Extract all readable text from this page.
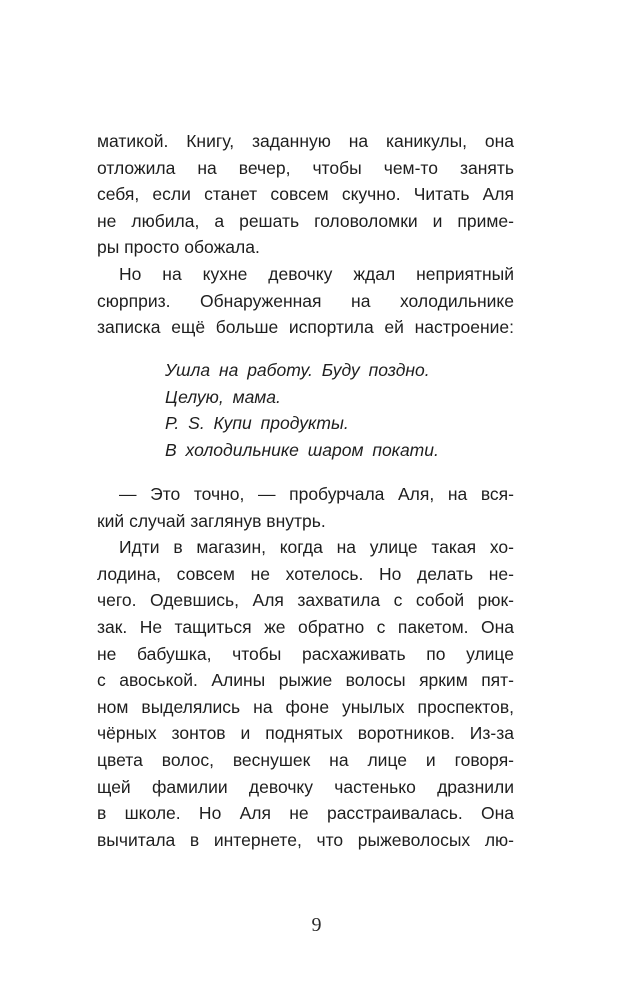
матикой. Книгу, заданную на каникулы, она
отложила на вечер, чтобы чем-то занять
себя, если станет совсем скучно. Читать Аля
не любила, а решать головоломки и приме-
ры просто обожала.
Но на кухне девочку ждал неприятный
сюрприз. Обнаруженная на холодильнике
записка ещё больше испортила ей настроение:
Ушла на работу. Буду поздно.
Целую, мама.
P. S. Купи продукты.
В холодильнике шаром покати.
— Это точно, — пробурчала Аля, на вся-
кий случай заглянув внутрь.
Идти в магазин, когда на улице такая хо-
лодина, совсем не хотелось. Но делать не-
чего. Одевшись, Аля захватила с собой рюк-
зак. Не тащиться же обратно с пакетом. Она
не бабушка, чтобы расхаживать по улице
с авоськой. Алины рыжие волосы ярким пят-
ном выделялись на фоне унылых проспектов,
чёрных зонтов и поднятых воротников. Из-за
цвета волос, веснушек на лице и говоря-
щей фамилии девочку частенько дразнили
в школе. Но Аля не расстраивалась. Она
вычитала в интернете, что рыжеволосых лю-
9
